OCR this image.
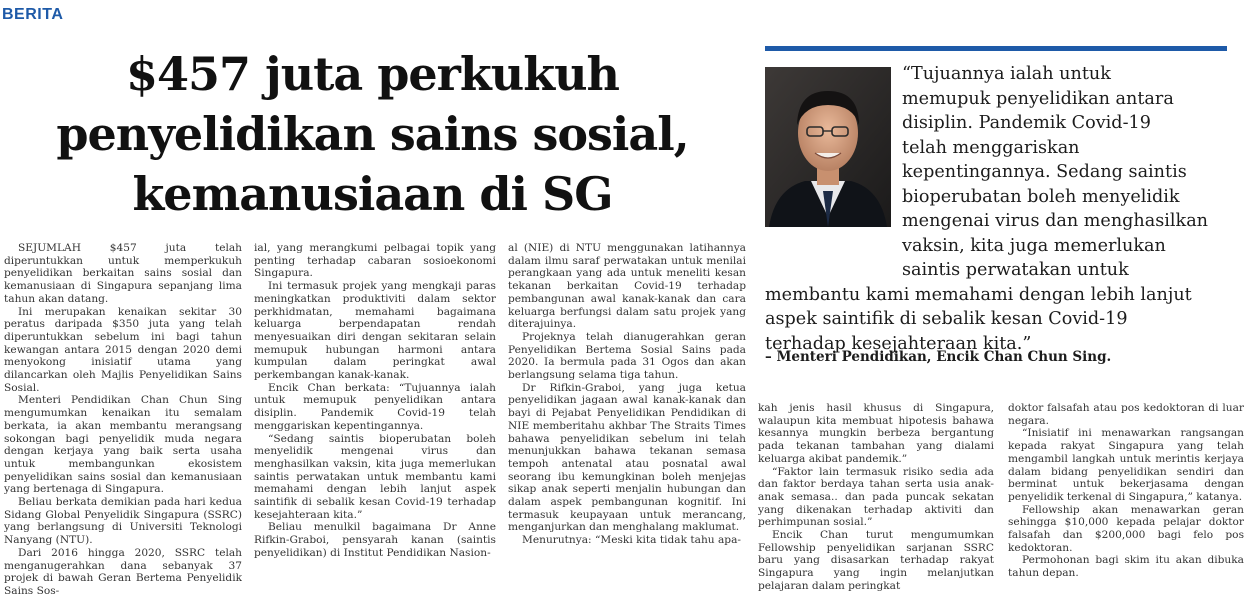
BERITA
$457 juta perkukuh
penyelidikan sains sosial,
kemanusiaan di SG
“Tujuannya ialah untuk
memupuk penyelidikan antara
disiplin. Pandemik Covid-19
telah menggariskan
kepentingannya. Sedang saintis
bioperubatan boleh menyelidik
mengenai virus dan menghasilkan
vaksin, kita juga memerlukan
saintis perwatakan untuk
membantu kami memahami dengan lebih lanjut
aspek saintifik di sebalik kesan Covid-19
terhadap kesejahteraan kita.”
– Menteri Pendidikan, Encik Chan Chun Sing.

SEJUMLAH $457 juta telah diperuntukkan untuk memperkukuh penyelidikan berkaitan sains sosial dan kemanusiaan di Singapura sepanjang lima tahun akan datang.

Ini merupakan kenaikan sekitar 30 peratus daripada $350 juta yang telah diperuntukkan sebelum ini bagi tahun kewangan antara 2015 dengan 2020 demi menyokong inisiatif utama yang dilancarkan oleh Majlis Penyelidikan Sains Sosial.

Menteri Pendidikan Chan Chun Sing mengumumkan kenaikan itu semalam berkata, ia akan membantu merangsang sokongan bagi penyelidik muda negara dengan kerjaya yang baik serta usaha untuk membangunkan ekosistem penyelidikan sains sosial dan kemanusiaan yang bertenaga di Singapura.

Beliau berkata demikian pada hari kedua Sidang Global Penyelidik Singapura (SSRC) yang berlangsung di Universiti Teknologi Nanyang (NTU).

Dari 2016 hingga 2020, SSRC telah menganugerahkan dana sebanyak 37 projek di bawah Geran Bertema Penyelidik Sains Sos-

ial, yang merangkumi pelbagai topik yang penting terhadap cabaran sosioekonomi Singapura.

Ini termasuk projek yang mengkaji paras meningkatkan produktiviti dalam sektor perkhidmatan, memahami bagaimana keluarga berpendapatan rendah menyesuaikan diri dengan sekitaran selain memupuk hubungan harmoni antara kumpulan dalam peringkat awal perkembangan kanak-kanak.

Encik Chan berkata: “Tujuannya ialah untuk memupuk penyelidikan antara disiplin. Pandemik Covid-19 telah menggariskan kepentingannya.

“Sedang saintis bioperubatan boleh menyelidik mengenai virus dan menghasilkan vaksin, kita juga memerlukan saintis perwatakan untuk membantu kami memahami dengan lebih lanjut aspek saintifik di sebalik kesan Covid-19 terhadap kesejahteraan kita.”

Beliau menulkil bagaimana Dr Anne Rifkin-Graboi, pensyarah kanan (saintis penyelidikan) di Institut Pendidikan Nasion-

al (NIE) di NTU menggunakan latihannya dalam ilmu saraf perwatakan untuk menilai perangkaan yang ada untuk meneliti kesan tekanan berkaitan Covid-19 terhadap pembangunan awal kanak-kanak dan cara keluarga berfungsi dalam satu projek yang diterajuinya.

Projeknya telah dianugerahkan geran Penyelidikan Bertema Sosial Sains pada 2020. Ia bermula pada 31 Ogos dan akan berlangsung selama tiga tahun.

Dr Rifkin-Graboi, yang juga ketua penyelidikan jagaan awal kanak-kanak dan bayi di Pejabat Penyelidikan Pendidikan di NIE memberitahu akhbar The Straits Times bahawa penyelidikan sebelum ini telah menunjukkan bahawa tekanan semasa tempoh antenatal atau posnatal awal seorang ibu kemungkinan boleh menjejas sikap anak seperti menjalin hubungan dan dalam aspek pembangunan kognitif. Ini termasuk keupayaan untuk merancang, menganjurkan dan menghalang maklumat.

Menurutnya: “Meski kita tidak tahu apa-

kah jenis hasil khusus di Singapura, walaupun kita membuat hipotesis bahawa kesannya mungkin berbeza bergantung pada tekanan tambahan yang dialami keluarga akibat pandemik.”

“Faktor lain termasuk risiko sedia ada dan faktor berdaya tahan serta usia anak-anak semasa.. dan pada puncak sekatan yang dikenakan terhadap aktiviti dan perhimpunan sosial.”

Encik Chan turut mengumumkan Fellowship penyelidikan sarjanan SSRC baru yang disasarkan terhadap rakyat Singapura yang ingin melanjutkan pelajaran dalam peringkat

doktor falsafah atau pos kedoktoran di luar negara.

“Inisiatif ini menawarkan rangsangan kepada rakyat Singapura yang telah mengambil langkah untuk merintis kerjaya dalam bidang penyelidikan sendiri dan berminat untuk bekerjasama dengan penyelidik terkenal di Singapura,” katanya.

Fellowship akan menawarkan geran sehingga $10,000 kepada pelajar doktor falsafah dan $200,000 bagi felo pos kedoktoran.

Permohonan bagi skim itu akan dibuka tahun depan.
